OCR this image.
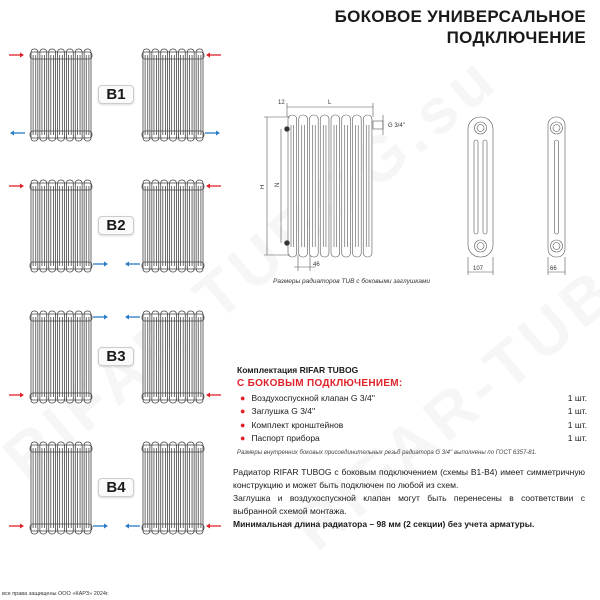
БОКОВОЕ УНИВЕРСАЛЬНОЕ
ПОДКЛЮЧЕНИЕ
B1
B2
B3
B4
12	L
H N
46
G 3/4''
107	66
Размеры радиаторов TUB с боковыми заглушками
Комплектация RIFAR TUBOG
С БОКОВЫМ ПОДКЛЮЧЕНИЕМ:
● Воздухоспускной клапан G 3/4''	1 шт.
● Заглушка G 3/4''	1 шт.
● Комплект кронштейнов	1 шт.
● Паспорт прибора	1 шт.
Размеры внутренних боковых присоединительных резьб радиатора G 3/4'' выполнены по ГОСТ 6357-81.

Радиатор RIFAR TUBOG с боковым подключением (схемы В1-В4) имеет симметричную конструкцию и может быть подключен по любой из схем.

Заглушка и воздухоспускной клапан могут быть перенесены в соответствии с выбранной схемой монтажа.

Минимальная длина радиатора – 98 мм (2 секции) без учета арматуры.

все права защищены ООО «КАРЗ» 2024г.
